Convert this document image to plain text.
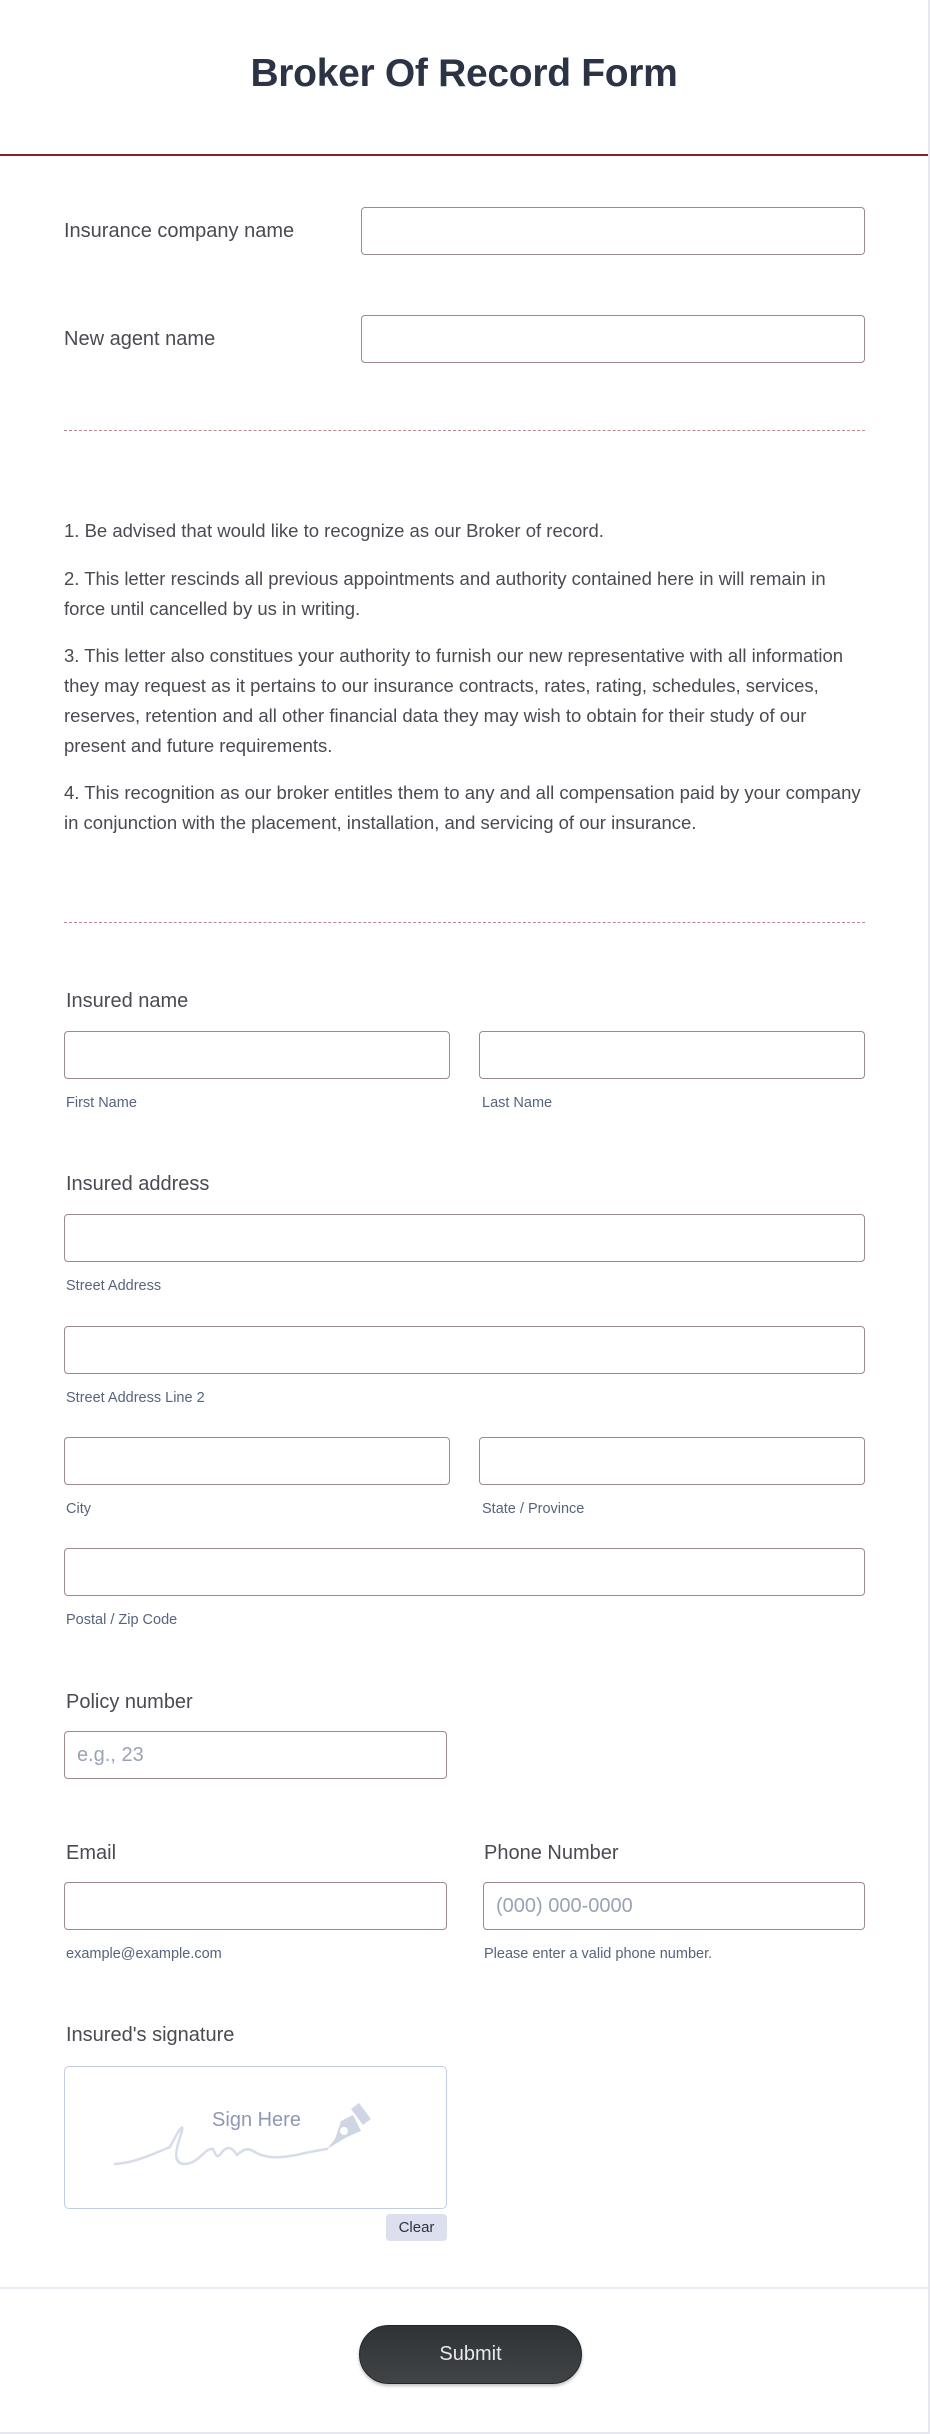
Broker Of Record Form
Insurance company name
New agent name

1. Be advised that would like to recognize as our Broker of record.

2. This letter rescinds all previous appointments and authority contained here in will remain in force until cancelled by us in writing.

3. This letter also constitues your authority to furnish our new representative with all information they may request as it pertains to our insurance contracts, rates, rating, schedules, services, reserves, retention and all other financial data they may wish to obtain for their study of our present and future requirements.

4. This recognition as our broker entitles them to any and all compensation paid by your company in conjunction with the placement, installation, and servicing of our insurance.

Insured name
First Name	Last Name
Insured address
Street Address
Street Address Line 2
City	State / Province
Postal / Zip Code
Policy number
e.g., 23
Email
example@example.com
Phone Number
(000) 000-0000
Please enter a valid phone number.
Insured's signature
Sign Here
Clear
Submit
